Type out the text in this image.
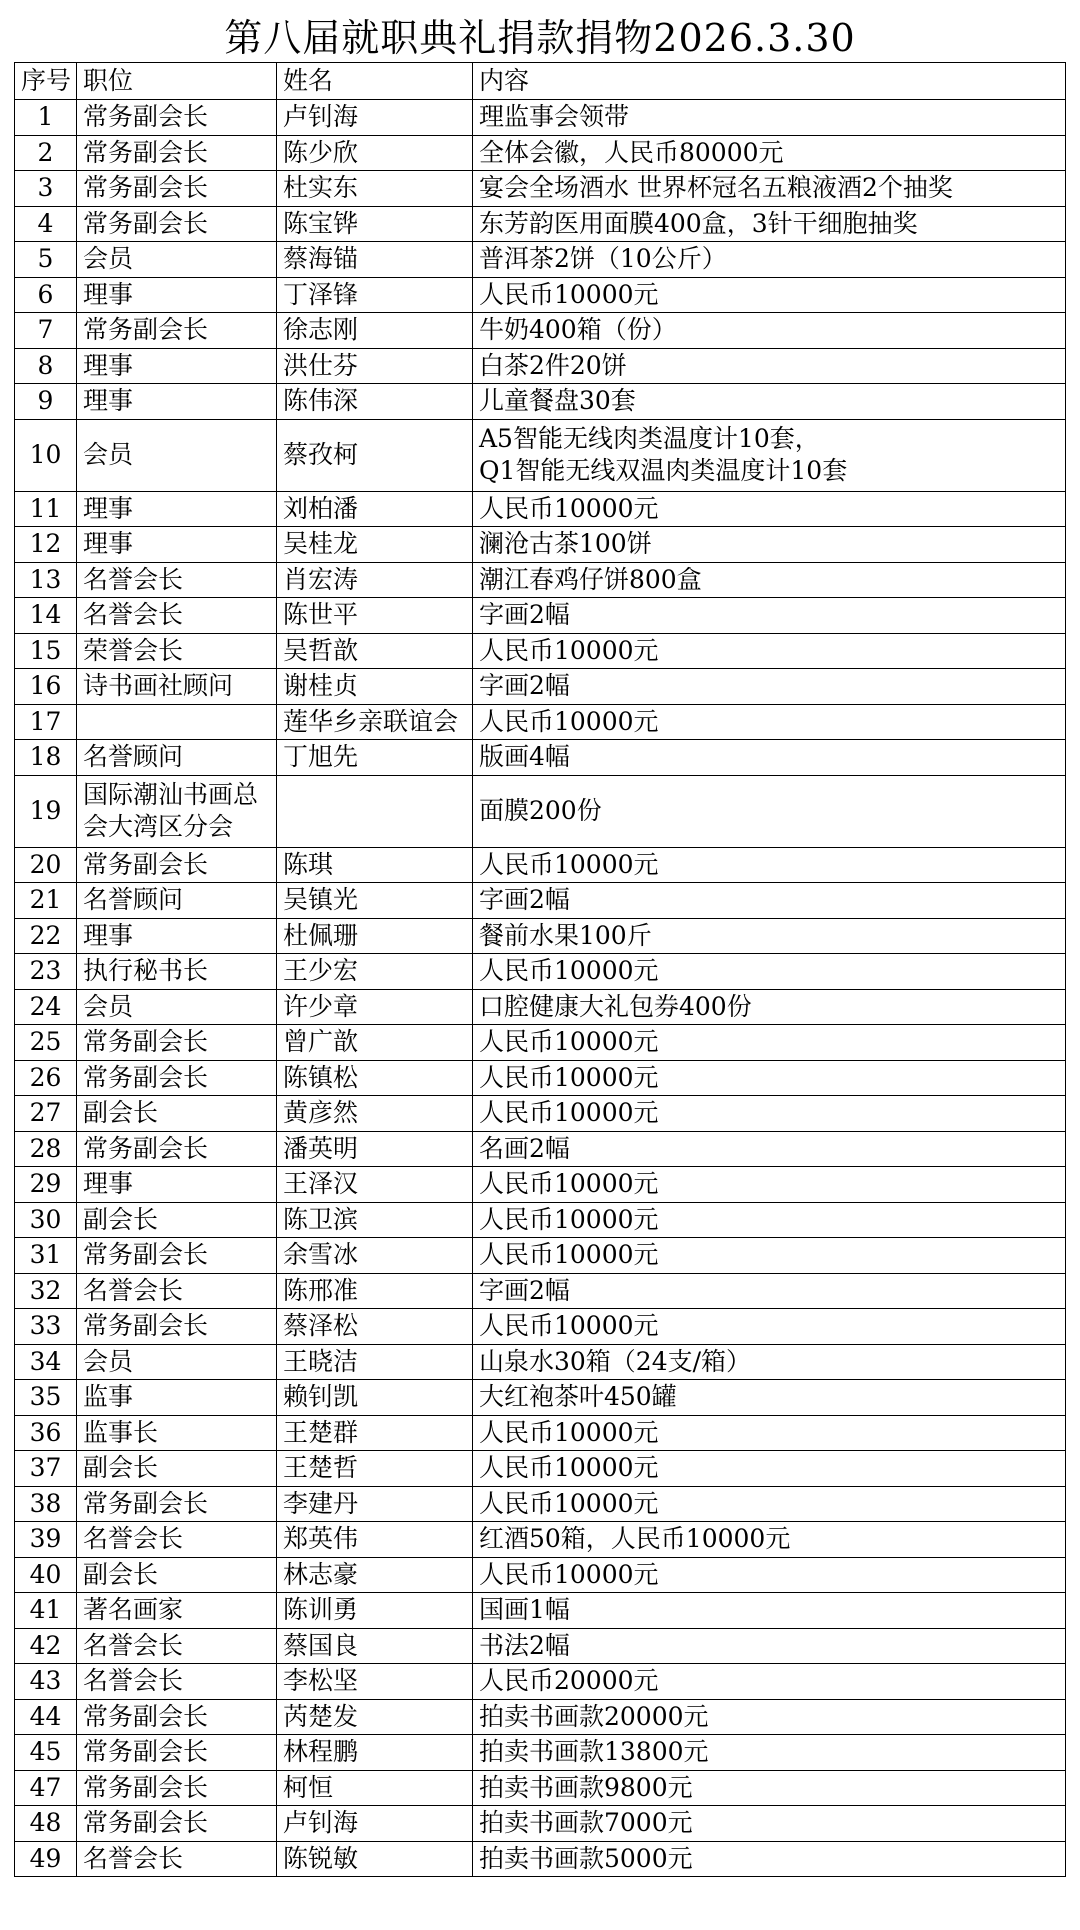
第八届就职典礼捐款捐物2026.3.30
序号	职位	姓名	内容
1	常务副会长	卢钊海	理监事会领带
2	常务副会长	陈少欣	全体会徽，人民币80000元
3	常务副会长	杜实东	宴会全场酒水 世界杯冠名五粮液酒2个抽奖
4	常务副会长	陈宝铧	东芳韵医用面膜400盒，3针干细胞抽奖
5	会员	蔡海锚	普洱茶2饼（10公斤）
6	理事	丁泽锋	人民币10000元
7	常务副会长	徐志刚	牛奶400箱（份）
8	理事	洪仕芬	白茶2件20饼
9	理事	陈伟深	儿童餐盘30套
10	会员	蔡孜柯	A5智能无线肉类温度计10套，
Q1智能无线双温肉类温度计10套

11	理事	刘柏潘	人民币10000元
12	理事	吴桂龙	澜沧古茶100饼
13	名誉会长	肖宏涛	潮江春鸡仔饼800盒
14	名誉会长	陈世平	字画2幅
15	荣誉会长	吴哲歆	人民币10000元
16	诗书画社顾问	谢桂贞	字画2幅
17		莲华乡亲联谊会	人民币10000元
18	名誉顾问	丁旭先	版画4幅
19	国际潮汕书画总
会大湾区分会		面膜200份
20	常务副会长	陈琪	人民币10000元
21	名誉顾问	吴镇光	字画2幅
22	理事	杜佩珊	餐前水果100斤
23	执行秘书长	王少宏	人民币10000元
24	会员	许少章	口腔健康大礼包券400份
25	常务副会长	曾广歆	人民币10000元
26	常务副会长	陈镇松	人民币10000元
27	副会长	黄彦然	人民币10000元
28	常务副会长	潘英明	名画2幅
29	理事	王泽汉	人民币10000元
30	副会长	陈卫滨	人民币10000元
31	常务副会长	余雪冰	人民币10000元
32	名誉会长	陈邢准	字画2幅
33	常务副会长	蔡泽松	人民币10000元
34	会员	王晓洁	山泉水30箱（24支/箱）
35	监事	赖钊凯	大红袍茶叶450罐
36	监事长	王楚群	人民币10000元
37	副会长	王楚哲	人民币10000元
38	常务副会长	李建丹	人民币10000元
39	名誉会长	郑英伟	红酒50箱，人民币10000元
40	副会长	林志豪	人民币10000元
41	著名画家	陈训勇	国画1幅
42	名誉会长	蔡国良	书法2幅
43	名誉会长	李松坚	人民币20000元
44	常务副会长	芮楚发	拍卖书画款20000元
45	常务副会长	林程鹏	拍卖书画款13800元
47	常务副会长	柯恒	拍卖书画款9800元
48	常务副会长	卢钊海	拍卖书画款7000元
49	名誉会长	陈锐敏	拍卖书画款5000元
